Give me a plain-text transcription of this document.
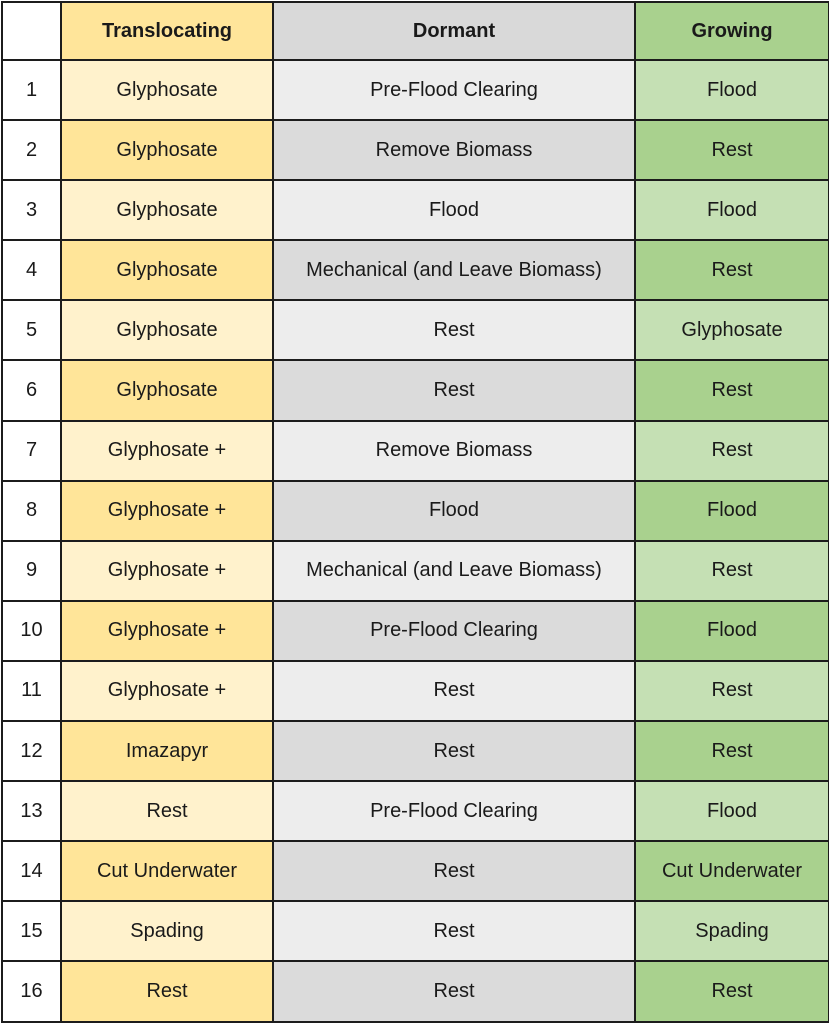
	Translocating	Dormant	Growing
1	Glyphosate	Pre-Flood Clearing	Flood
2	Glyphosate	Remove Biomass	Rest
3	Glyphosate	Flood	Flood
4	Glyphosate	Mechanical (and Leave Biomass)	Rest
5	Glyphosate	Rest	Glyphosate
6	Glyphosate	Rest	Rest
7	Glyphosate +	Remove Biomass	Rest
8	Glyphosate +	Flood	Flood
9	Glyphosate +	Mechanical (and Leave Biomass)	Rest
10	Glyphosate +	Pre-Flood Clearing	Flood
11	Glyphosate +	Rest	Rest
12	Imazapyr	Rest	Rest
13	Rest	Pre-Flood Clearing	Flood
14	Cut Underwater	Rest	Cut Underwater
15	Spading	Rest	Spading
16	Rest	Rest	Rest
